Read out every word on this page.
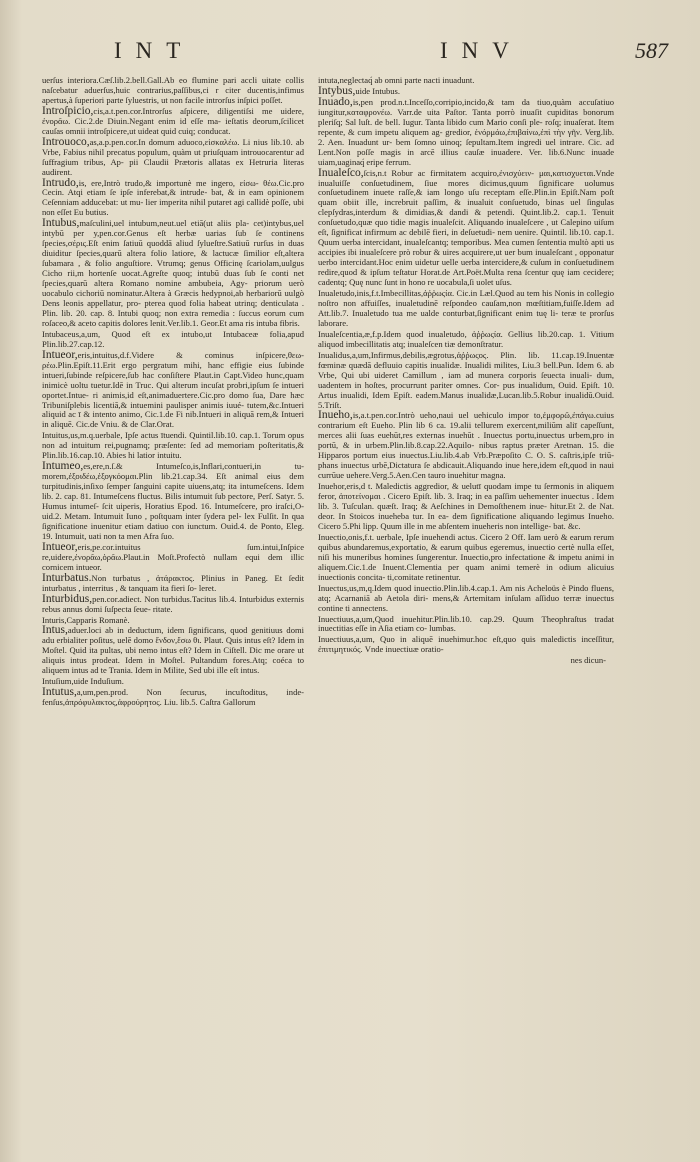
INT	INV	587

uerſus interiora.Cæſ.lib.2.bell.Gall.Ab eo flumine pari accli uitate collis naſcebatur aduerſus,huic contrarius,paſſibus,ci r citer ducentis,infimus apertus,à ſuperiori parte ſyluestris, ut non facile introrſus inſpici poſſet.

Introſpicio,cis,a.t.pen.cor.Introrſus aſpicere, diligentiſsi me uidere, ἐνορᾶω. Cic.2.de Diuin.Negant enim id eſſe ma- ieſtatis deorum,ſcilicet cauſas omnii introſpicere,ut uideat quid cuiq; conducat.

Introuoco,as,a.p.pen.cor.In domum aduoco,εἰσκαλέω. Li nius lib.10. ab Vrbe, Fabius nihil precatus populum, quàm ut priuſquam introuocarentur ad ſuffragium tribus, Ap- pii Claudii Prætoris allatas ex Hetruria literas audirent.

Intrudo,is, ere,Intrò trudo,& importunè me ingero, εἰσω- θέω.Cic.pro Cecin. Atqi etiam ſe ipſe inferebat,& intrude- bat, & in eam opinionem Ceſenniam adducebat: ut mu- lier imperita nihil putaret agi callidè poſſe, ubi non eſſet Eu butius.

Intubus,maſculini,uel intubum,neut.uel etiā(ut aliis pla- cet)intybus,uel intybū per y,pen.cor.Genus eſt herbæ uarias ſub ſe continens ſpecies,σέρις.Eſt enim ſatiuū quoddā aliud ſylueſtre.Satiuū rurſus in duas diuiditur ſpecies,quarū altera folio latiore, & lactucæ ſimilior eſt,altera ſubamara , & folio anguſtiore. Vtrumq; genus Officinę ſcariolam,uulgus Cicho rii,m hortenſe uocat.Agreſte quoq; intubū duas ſub ſe conti net ſpecies,quarū altera Romano nomine ambubeia, Agy- priorum uerò uocabulo cichoriū nominatur.Altera à Græcis hedypnoi,ab herbariorū uulgò Dens leonis appellatur, pro- pterea quod folia habeat utrinq; denticulata . Plin. lib. 20. cap. 8. Intubi quoq; non extra remedia : ſuccus eorum cum roſaceo,& aceto capitis dolores lenit.Ver.lib.1. Geor.Et ama ris intuba fibris.

Intubaceus,a,um, Quod eſt ex intubo,ut Intubaceæ folia,apud Plin.lib.27.cap.12.

Intueor,eris,intuitus,d.f.Videre & cominus inſpicere,θεω- ρέω.Plin.Epiſt.11.Erit ergo pergratum mihi, hanc effigie eius ſubinde intueri,ſubinde reſpicere,ſub hac conſiſtere Plaut.in Capt.Video hunc,quam inimicè uoltu tuetur.Idē in Truc. Qui alterum incuſat probri,ipſum ſe intueri oportet.Intue- ri animis,id eſt,animaduertere.Cic.pro domo ſua, Dare hæc Tribuniſplebis licentiā,& intuemini paulisper animis iuué- tutem,&c.Intueri aliquid ac ī & intento animo, Cic.1.de Fi nib.Intueri in aliquā rem,& Intueri in aliquē. Cic.de Vniu. & de Clar.Orat.

Intuitus,us,m.q.uerbale, Ipſe actus ītuendi. Quintil.lib.10. cap.1. Torum opus non ad intuitum rei,pugnamq; præſente: ſed ad memoriam poſteritatis,& Plin.lib.16.cap.10. Abies hi latior intuitu.

Intumeo,es,ere,n.ſ.& Intumeſco,is,Inflari,contueri,in tu- morem,ἐξοιδέω,ἐξογκόομαι.Plin lib.21.cap.34. Eſt animal eius dem turpitudinis,inſixo ſemper ſanguini capite uiuens,atq; ita intumeſcens. Idem lib. 2. cap. 81. Intumeſcens fluctus. Bilis intumuit ſub pectore, Perſ. Satyr. 5. Humus intumeſ- ſcit uiperis, Horatius Epod. 16. Intumeſcere, pro iraſci,O- uid.2. Metam. Intumuit Iuno , poſtquam inter ſydera pel- lex Fulſit. In qua ſignificatione inuenitur etiam datiuo con iunctum. Ouid.4. de Ponto, Eleg. 19. Intumuit, uati non ta men Afra ſuo.

Intueor,eris,pe.cor.intuitus ſum.intui,Inſpice re,uidere,ἐνορᾶω,ὁρᾶω.Plaut.in Moſt.Profectò nullam equi dem illic cornicem intueor.

Inturbatus.Non turbatus , ἀτάρακτος. Plinius in Paneg. Et ſedit inturbatus , interritus , & tanquam ita fieri ſo- leret.

Inturbidus,pen.cor.adiect. Non turbidus.Tacitus lib.4. Inturbidus externis rebus annus domi ſuſpecta ſeue- ritate.

Inturis,Capparis Romanè.

Intus,aduer.loci ab in deductum, idem ſignificans, quod genitiuus domi adu erbialiter poſitus, uelē domo ἔνδον,ἔσω θι. Plaut. Quis intus eſt? Idem in Moſtel. Quid ita pultas, ubi nemo intus eſt? Idem in Ciſtell. Dic me orare ut aliquis intus prodeat. Idem in Moſtel. Pultandum fores.Atq; coéca to aliquem intus ad te Trania. Idem in Milite, Sed ubi ille eſt intus.

Intuſium,uide Induſium.

Intutus,a,um,pen.prod. Non ſecurus, incuſtoditus, inde- fenſus,ἀπρόφυλακτος,ἀφρούρητος. Liu. lib.5. Caſtra Gallorum

intuta,neglectaq́ ab omni parte nacti inuadunt.

Intybus,uide Intubus.

Inuado,is,pen prod.n.t.Inceſſo,corripio,incido,& tam da tiuo,quàm accuſatiuo iungitur,καταφρονέω. Varr.de uita Paſtor. Tanta porrò inuaſit cupiditas bonorum pleriſq; Sal luſt. de bell. Iugur. Tanta libido cum Mario conſi ple- roſq; inuaſerat. Item repente, & cum impetu aliquem ag- gredior, ἐνόρμάω,ἐπιβαίνω,ἐπὶ τὴν γῆν. Verg.lib. 2. Aen. Inuadunt ur- bem ſomno uinoq; ſepultam.Item ingredi uel intrare. Cic. ad Lent.Non poſſe magis in arcē illius cauſæ inuadere. Ver. lib.6.Nunc inuade uiam,uaginaq́ eripe ferrum.

Inualeſco,ſcis,n.t Robur ac firmitatem acquiro,ἐνισχύειν- μαι,κατισχυεται.Vnde inualuiſſe conſuetudinem, ſiue mores dicimus,quum ſignificare uolumus conſuetudinem inuete raſſe,& iam longo uſu receptam eſſe.Plin.in Epiſt.Nam poſt quam obiit ille, increbruit paſſim, & inualuit conſuetudo, binas uel ſingulas clepſydras,interdum & dimidias,& dandi & petendi. Quint.lib.2. cap.1. Tenuit conſuetudo,quæ quo tidie magis inualeſcit. Aliquando inualeſcere , ut Calepino uiſum eſt, ſignificat infirmum ac debilē fieri, in deſuetudi- nem uenire. Quintil. lib.10. cap.1. Quum uerba intercidant, inualeſcantq; temporibus. Mea cumen ſententia multò apti us accipies ibi inualeſcere prò robur & uires acquirere,ut uer bum inualeſcant , opponatur uerbo intercidant.Hoc enim uidetur uelle uerba intercidere,& cuſum in conſuetudinem redire,quod & ipſum teſtatur Horat.de Art.Poët.Multa rena ſcentur quę iam cecidere; cadentq; Quę nunc ſunt in hono re uocabula,ſi uolet uſus.

Inualetudo,inis,f.t.Imbecillitas,ἀῤῥωςία. Cic.in Læl.Quod au tem his Nonis in collegio noſtro non affuiſſes, inualetudinē reſpondeo cauſam,non mœſtitiam,fuiſſe.Idem ad Att.lib.7. Inualetudo tua me ualde conturbat,ſignificant enim tuę li- teræ te prorſus laborare.

Inualeſcentia,æ,f.p.Idem quod inualetudo, ἀῤῥωςία. Gellius lib.20.cap. 1. Vitium aliquod imbecillitatis atq; inualeſcen tiæ demonſtratur.

Inualidus,a,um,Infirmus,debilis,ægrotus,ἀῤῥωςος. Plin. lib. 11.cap.19.Inuentæ fœminæ quædā defluuio capitis inualidæ. Inualidi milites, Liu.3 bell.Pun. Idem 6. ab Vrbe, Qui ubi uideret Camillum , iam ad munera corporis ſeuecta inuali- dum, uadentem in hoſtes, procurrunt pariter omnes. Cor- pus inualidum, Ouid. Epiſt. 10. Artus inualidi, Idem Epiſt. eadem.Manus inualidæ,Lucan.lib.5.Robur inualidū.Ouid. 5.Triſt.

Inueho,is,a.t.pen.cor.Intrò ueho,naui uel uehiculo impor to,ἐμφορῶ,ἐπάγω.cuius contrarium eſt Eueho. Plin lib 6 ca. 19.alii tellurem exercent,miliūm aliī capeſſunt, merces alii ſuas euehūt,res externas inuehūt . Inuectus portu,inuectus urbem,pro in portū, & in urbem.Plin.lib.8.cap.22.Aquilo- nibus raptus præter Aretnan. 15. die Hipparos portum eius inuectus.Liu.lib.4.ab Vrb.Præpoſito C. O. S. caſtris,ipſe triū- phans inuectus urbē,Dictatura ſe abdicauit.Aliquando inue here,idem eſt,quod in naui currūue uehere.Verg.5.Aen.Cen tauro inuehitur magna.

Inuehor,eris,d t. Maledictis aggredior, & uelutī quodam impe tu ſermonis in aliquem feror, ἀποτείνομαι . Cicero Epiſt. lib. 3. Iraq; in ea paſſim uehementer inuectus . Idem lib. 3. Tuſculan. quæſt. Iraq; & Aeſchines in Demoſthenem inue- hitur.Et 2. de Nat. deor. In Stoicos inueheba tur. In ea- dem ſignificatione aliquando legimus Inueho. Cicero 5.Phi lipp. Quum ille in me abſentem inueheris non intellige- bat. &c.

Inuectio,onis,f.t. uerbale, Ipſe inuehendi actus. Cicero 2 Off. Iam uerò & earum rerum quibus abundaremus,exportatio, & earum quibus egeremus, inuectio certè nulla eſſet, niſi his muneribus homines ſungerentur. Inuectio,pro infectatione & impetu animi in aliquem.Cic.1.de Inuent.Clementia per quam animi temerè in odium alicuius inuectionis concita- ti,comitate retinentur.

Inuectus,us,m,q.Idem quod inuectio.Plin.lib.4.cap.1. Am nis Acheloüs è Pindo fluens, atq; Acarnaniā ab Aetola diri- mens,& Artemitam inſulam aſſiduo terræ inuectus contine ti annectens.

Inuectiuus,a,um,Quod inuehitur.Plin.lib.10. cap.29. Quum Theophraſtus tradat inuectitias eſſe in Aſia etiam co- lumbas.

Inuectiuus,a,um, Quo in aliquē inuehimur.hoc eſt,quo quis maledictis inceſſitur, ἐπιτιμητικός. Vnde inuectiuæ oratio-

nes dicun-
